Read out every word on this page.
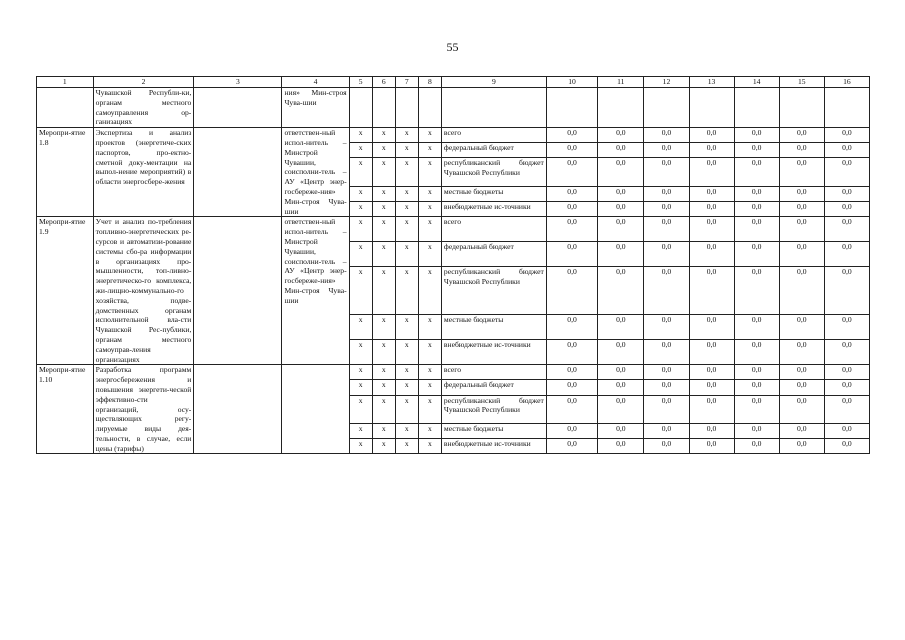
55
1	2	3	4	5	6	7	8	9	10	11	12	13	14	15	16
	Чувашской Республи-ки, органам местного самоуправления ор-ганизациях		ния» Мин-строя Чува-шии												
Меропри-ятие 1.8	Экспертиза и анализ проектов (энергетиче-ских паспортов, про-ектно-сметной доку-ментации на выпол-нение мероприятий) в области энергосбере-жения		ответствен-ный испол-нитель – Минстрой Чувашии, соисполни-тель – АУ «Центр энер-госбереже-ния» Мин-строя Чува-шии	x	x	x	x	всего	0,0	0,0	0,0	0,0	0,0	0,0	0,0
				x	x	x	x	федеральный бюджет	0,0	0,0	0,0	0,0	0,0	0,0	0,0
				x	x	x	x	республиканский бюджет Чувашской Республики	0,0	0,0	0,0	0,0	0,0	0,0	0,0
				x	x	x	x	местные бюджеты	0,0	0,0	0,0	0,0	0,0	0,0	0,0
				x	x	x	x	внебюджетные ис-точники	0,0	0,0	0,0	0,0	0,0	0,0	0,0
Меропри-ятие 1.9	Учет и анализ по-требления топливно-энергетических ре-сурсов и автоматизи-рование системы сбо-ра информации в организациях про-мышленности, топ-ливно-энергетическо-го комплекса, жи-лищно-коммунально-го хозяйства, подве-домственных органам исполнительной вла-сти Чувашской Рес-публики, органам местного самоуправ-ления организациях		ответствен-ный испол-нитель – Минстрой Чувашии, соисполни-тель – АУ «Центр энер-госбереже-ния» Мин-строя Чува-шии	x	x	x	x	всего	0,0	0,0	0,0	0,0	0,0	0,0	0,0
				x	x	x	x	федеральный бюджет	0,0	0,0	0,0	0,0	0,0	0,0	0,0
				x	x	x	x	республиканский бюджет Чувашской Республики	0,0	0,0	0,0	0,0	0,0	0,0	0,0
				x	x	x	x	местные бюджеты	0,0	0,0	0,0	0,0	0,0	0,0	0,0
				x	x	x	x	внебюджетные ис-точники	0,0	0,0	0,0	0,0	0,0	0,0	0,0
Меропри-ятие 1.10	Разработка программ энергосбережения и повышения энергети-ческой эффективно-сти организаций, осу-ществляющих регу-лируемые виды дея-тельности, в случае, если цены (тарифы)			x	x	x	x	всего	0,0	0,0	0,0	0,0	0,0	0,0	0,0
				x	x	x	x	федеральный бюджет	0,0	0,0	0,0	0,0	0,0	0,0	0,0
				x	x	x	x	республиканский бюджет Чувашской Республики	0,0	0,0	0,0	0,0	0,0	0,0	0,0
				x	x	x	x	местные бюджеты	0,0	0,0	0,0	0,0	0,0	0,0	0,0
				x	x	x	x	внебюджетные ис-точники	0,0	0,0	0,0	0,0	0,0	0,0	0,0
